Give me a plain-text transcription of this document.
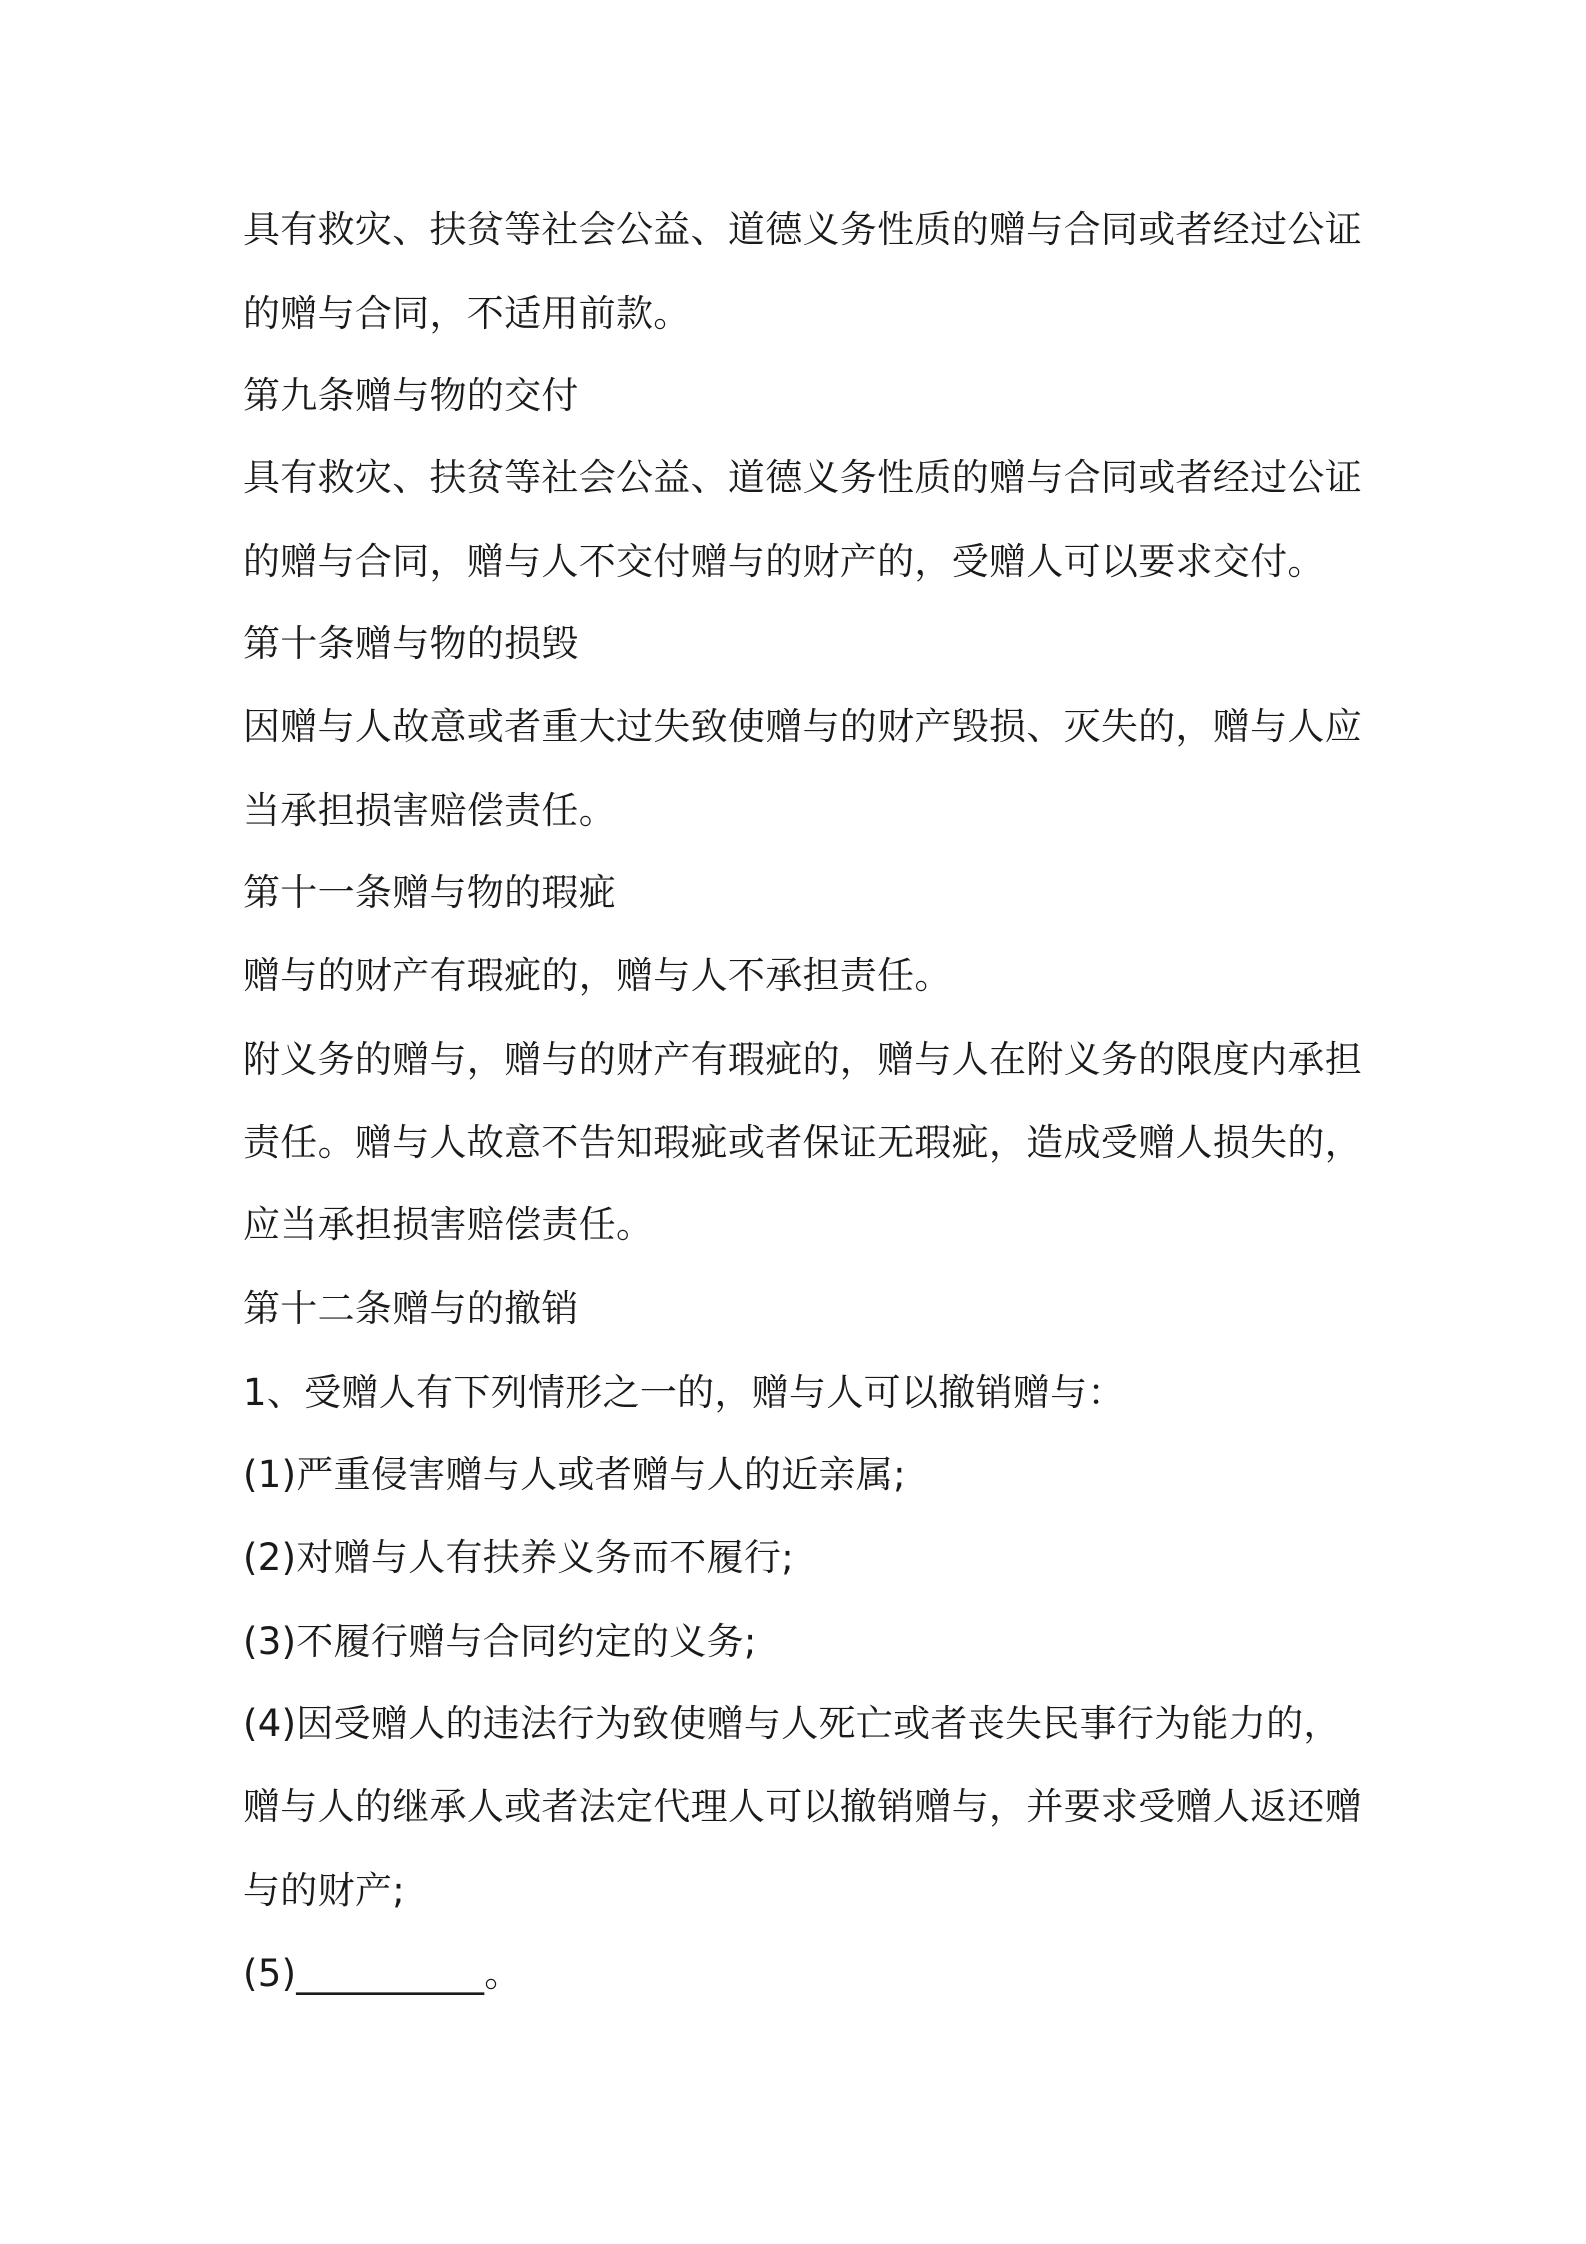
具有救灾、扶贫等社会公益、道德义务性质的赠与合同或者经过公证

的赠与合同，不适用前款。

第九条赠与物的交付

具有救灾、扶贫等社会公益、道德义务性质的赠与合同或者经过公证

的赠与合同，赠与人不交付赠与的财产的，受赠人可以要求交付。

第十条赠与物的损毁

因赠与人故意或者重大过失致使赠与的财产毁损、灭失的，赠与人应

当承担损害赔偿责任。

第十一条赠与物的瑕疵

赠与的财产有瑕疵的，赠与人不承担责任。

附义务的赠与，赠与的财产有瑕疵的，赠与人在附义务的限度内承担

责任。赠与人故意不告知瑕疵或者保证无瑕疵，造成受赠人损失的，

应当承担损害赔偿责任。

第十二条赠与的撤销

1、受赠人有下列情形之一的，赠与人可以撤销赠与：

(1)严重侵害赠与人或者赠与人的近亲属;

(2)对赠与人有扶养义务而不履行;

(3)不履行赠与合同约定的义务;

(4)因受赠人的违法行为致使赠与人死亡或者丧失民事行为能力的，

赠与人的继承人或者法定代理人可以撤销赠与，并要求受赠人返还赠

与的财产;

(5)__________。
